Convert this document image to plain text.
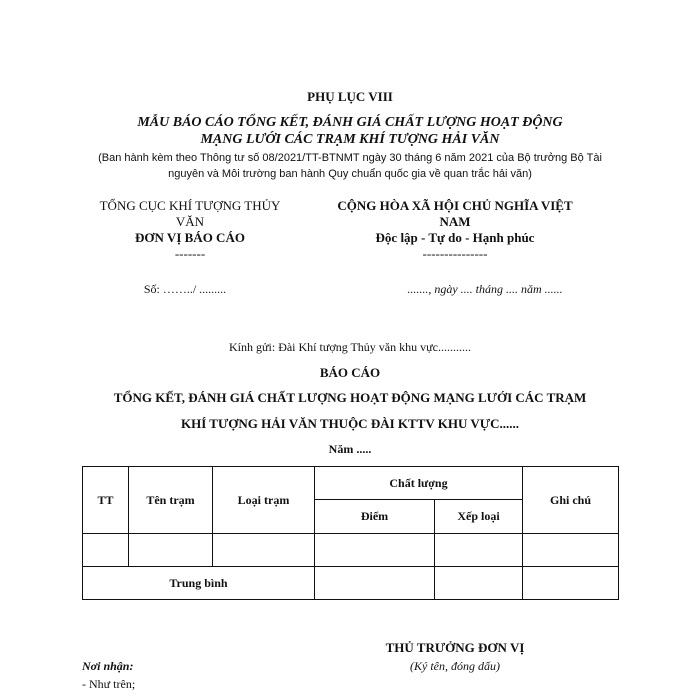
PHỤ LỤC VIII
MẪU BÁO CÁO TỔNG KẾT, ĐÁNH GIÁ CHẤT LƯỢNG HOẠT ĐỘNG
MẠNG LƯỚI CÁC TRẠM KHÍ TƯỢNG HẢI VĂN
(Ban hành kèm theo Thông tư số 08/2021/TT-BTNMT ngày 30 tháng 6 năm 2021 của Bộ trưởng Bộ Tài
nguyên và Môi trường ban hành Quy chuẩn quốc gia về quan trắc hải văn)
TỔNG CỤC KHÍ TƯỢNG THỦY
VĂN
ĐƠN VỊ BÁO CÁO
-------
CỘNG HÒA XÃ HỘI CHỦ NGHĨA VIỆT
NAM
Độc lập - Tự do - Hạnh phúc
---------------
Số: ……../ .........	......., ngày .... tháng .... năm ......
Kính gửi: Đài Khí tượng Thủy văn khu vực...........
BÁO CÁO
TỔNG KẾT, ĐÁNH GIÁ CHẤT LƯỢNG HOẠT ĐỘNG MẠNG LƯỚI CÁC TRẠM
KHÍ TƯỢNG HẢI VĂN THUỘC ĐÀI KTTV KHU VỰC......
Năm .....
TT	Tên trạm	Loại trạm	Chất lượng		Ghi chú
			Điểm	Xếp loại	

Trung bình					
THỦ TRƯỞNG ĐƠN VỊ
(Ký tên, đóng dấu)
Nơi nhận:
- Như trên;
